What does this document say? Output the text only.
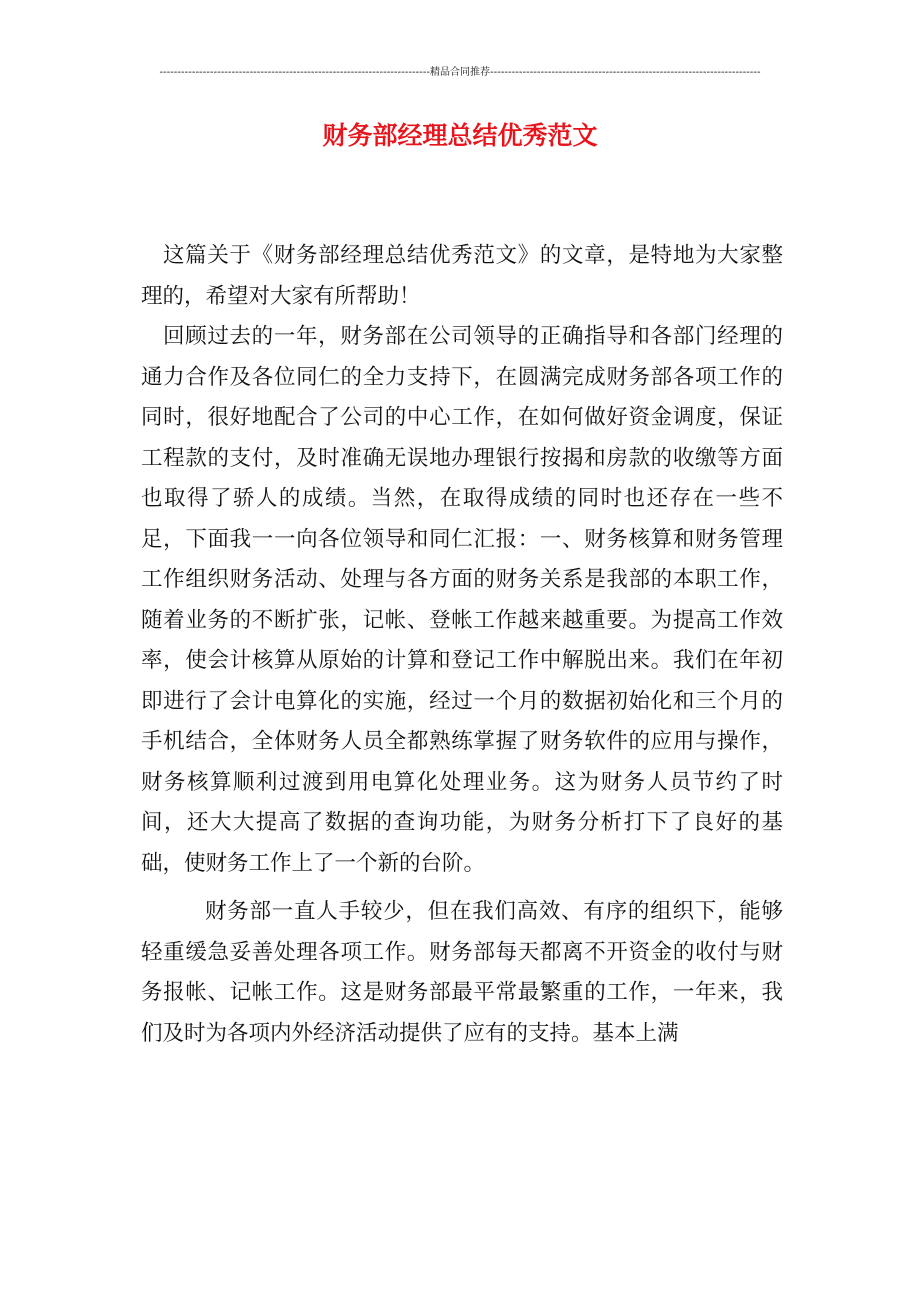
---------------------------------------------------------------------------精品合同推荐---------------------------------------------------------------------------
财务部经理总结优秀范文

这篇关于《财务部经理总结优秀范文》的文章，是特地为大家整理的，希望对大家有所帮助！

回顾过去的一年，财务部在公司领导的正确指导和各部门经理的通力合作及各位同仁的全力支持下，在圆满完成财务部各项工作的同时，很好地配合了公司的中心工作，在如何做好资金调度，保证工程款的支付，及时准确无误地办理银行按揭和房款的收缴等方面也取得了骄人的成绩。当然，在取得成绩的同时也还存在一些不足，下面我一一向各位领导和同仁汇报：一、财务核算和财务管理工作组织财务活动、处理与各方面的财务关系是我部的本职工作，随着业务的不断扩张，记帐、登帐工作越来越重要。为提高工作效率，使会计核算从原始的计算和登记工作中解脱出来。我们在年初即进行了会计电算化的实施，经过一个月的数据初始化和三个月的手机结合，全体财务人员全都熟练掌握了财务软件的应用与操作，财务核算顺利过渡到用电算化处理业务。这为财务人员节约了时间，还大大提高了数据的查询功能，为财务分析打下了良好的基础，使财务工作上了一个新的台阶。

财务部一直人手较少，但在我们高效、有序的组织下，能够轻重缓急妥善处理各项工作。财务部每天都离不开资金的收付与财务报帐、记帐工作。这是财务部最平常最繁重的工作，一年来，我们及时为各项内外经济活动提供了应有的支持。基本上满
